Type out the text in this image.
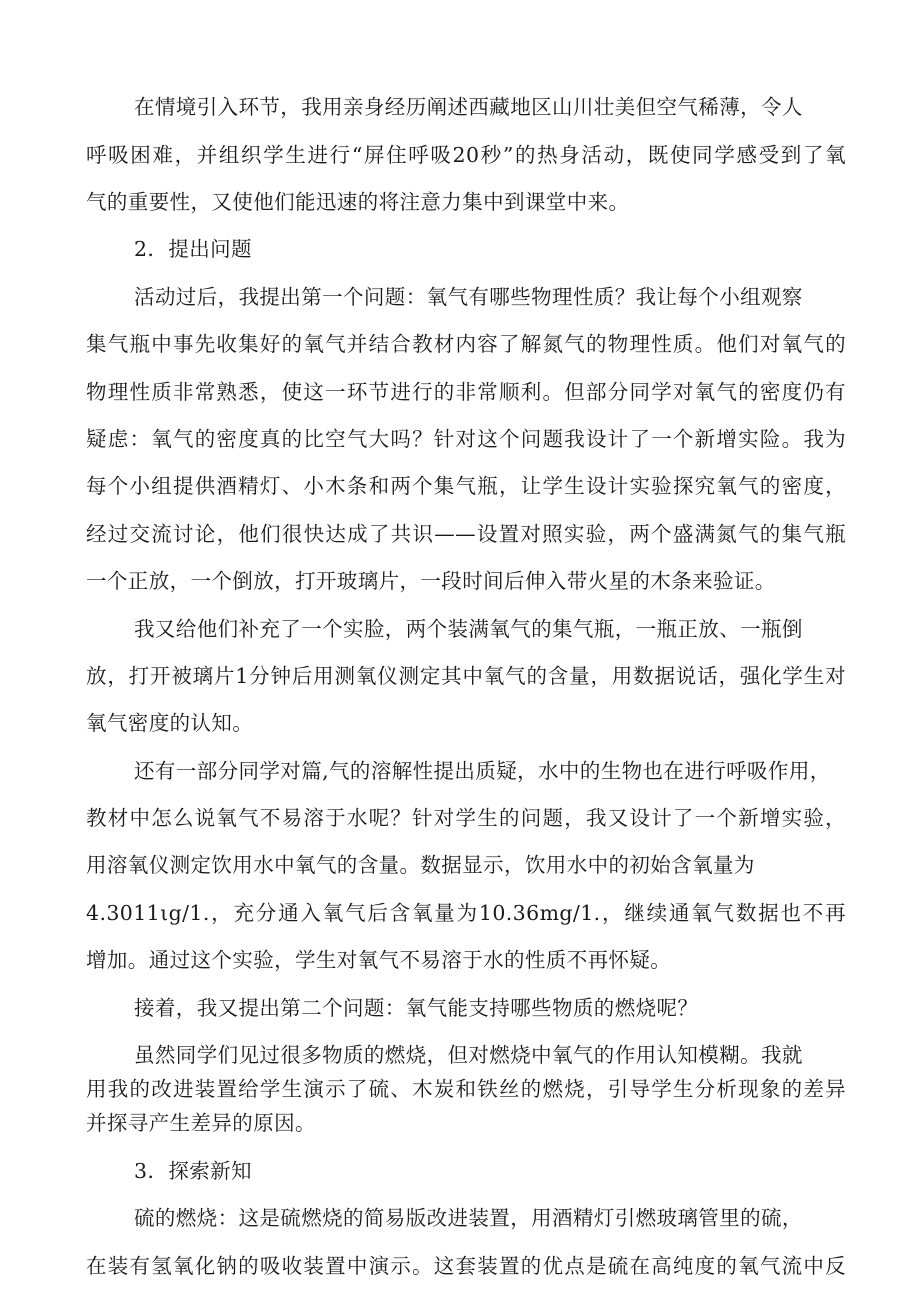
在情境引入环节，我用亲身经历阐述西藏地区山川壮美但空气稀薄，令人
呼吸困难，并组织学生进行“屏住呼吸20秒”的热身活动，既使同学感受到了氧
气的重要性，又使他们能迅速的将注意力集中到课堂中来。
2．提出问题
活动过后，我提出第一个问题：氧气有哪些物理性质？我让每个小组观察
集气瓶中事先收集好的氧气并结合教材内容了解氮气的物理性质。他们对氧气的
物理性质非常熟悉，使这一环节进行的非常顺利。但部分同学对氧气的密度仍有
疑虑：氧气的密度真的比空气大吗？针对这个问题我设计了一个新增实险。我为
每个小组提供酒精灯、小木条和两个集气瓶，让学生设计实验探究氧气的密度，
经过交流讨论，他们很快达成了共识——设置对照实验，两个盛满氮气的集气瓶
一个正放，一个倒放，打开玻璃片，一段时间后伸入带火星的木条来验证。
我又给他们补充了一个实脸，两个装满氧气的集气瓶，一瓶正放、一瓶倒
放，打开被璃片1分钟后用测氧仪测定其中氧气的含量，用数据说话，强化学生对
氧气密度的认知。
还有一部分同学对篇,气的溶解性提出质疑，水中的生物也在进行呼吸作用，
教材中怎么说氧气不易溶于水呢？针对学生的问题，我又设计了一个新增实验，
用溶氧仪测定饮用水中氧气的含量。数据显示，饮用水中的初始含氧量为
4.3011ιg/1.，充分通入氧气后含氧量为10.36mg/1.，继续通氧气数据也不再
增加。通过这个实验，学生对氧气不易溶于水的性质不再怀疑。
接着，我又提出第二个问题：氧气能支持哪些物质的燃烧呢？
虽然同学们见过很多物质的燃烧，但对燃烧中氧气的作用认知模糊。我就
用我的改进装置给学生演示了硫、木炭和铁丝的燃烧，引导学生分析现象的差异
并探寻产生差异的原因。
3．探索新知
硫的燃烧：这是硫燃烧的简易版改进装置，用酒精灯引燃玻璃管里的硫，
在装有氢氧化钠的吸收装置中演示。这套装置的优点是硫在高纯度的氧气流中反
